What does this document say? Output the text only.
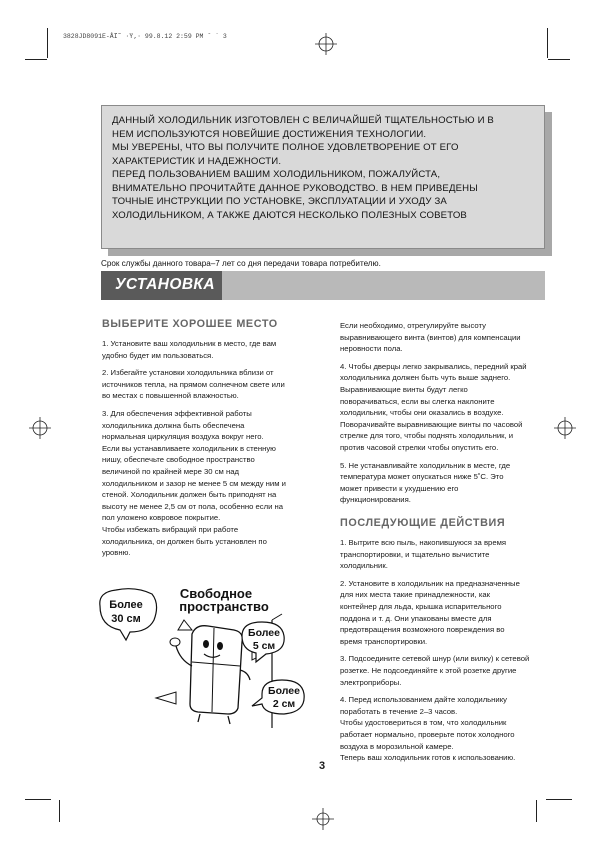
3828JD8091E-ÂÏ˜ ·Ÿ‚· 99.8.12 2:59 PM ˘ ` 3
ДАННЫЙ ХОЛОДИЛЬНИК ИЗГОТОВЛЕН С ВЕЛИЧАЙШЕЙ ТЩАТЕЛЬНОСТЬЮ И В
НЕМ ИСПОЛЬЗУЮТСЯ НОВЕЙШИЕ ДОСТИЖЕНИЯ ТЕХНОЛОГИИ.
МЫ УВЕРЕНЫ, ЧТО ВЫ ПОЛУЧИТЕ ПОЛНОЕ УДОВЛЕТВОРЕНИЕ ОТ ЕГО
ХАРАКТЕРИСТИК И НАДЕЖНОСТИ.
ПЕРЕД ПОЛЬЗОВАНИЕМ ВАШИМ ХОЛОДИЛЬНИКОМ, ПОЖАЛУЙСТА,
ВНИМАТЕЛЬНО ПРОЧИТАЙТЕ ДАННОЕ РУКОВОДСТВО. В НЕМ ПРИВЕДЕНЫ
ТОЧНЫЕ ИНСТРУКЦИИ ПО УСТАНОВКЕ, ЭКСПЛУАТАЦИИ И УХОДУ ЗА
ХОЛОДИЛЬНИКОМ, А ТАКЖЕ ДАЮТСЯ НЕСКОЛЬКО ПОЛЕЗНЫХ СОВЕТОВ
Срок службы данного товара–7 лет со дня передачи товара потребителю.
УСТАНОВКА
ВЫБЕРИТЕ ХОРОШЕЕ МЕСТО
1. Установите ваш холодильник в место, где вам
удобно будет им пользоваться.
2. Избегайте установки холодильника вблизи от
источников тепла, на прямом солнечном свете или
во местах с повышенной влажностью.
3. Для обеспечения эффективной работы
холодильника должна быть обеспечена
нормальная циркуляция воздуха вокруг него.
Если вы устанавливаете холодильник в стенную
нишу, обеспечьте свободное пространство
величиной по крайней мере 30 см над
холодильником и зазор не менее 5 см между ним и
стеной. Холодильник должен быть приподнят на
высоту не менее 2,5 см от пола, особенно если на
пол уложено ковровое покрытие.
Чтобы избежать вибраций при работе
холодильника, он должен быть установлен по
уровню.
Более
30 см
Свободное
пространство
Более
5 см
Более
2 см
Если необходимо, отрегулируйте высоту
выравнивающего винта (винтов) для компенсации
неровности пола.
4. Чтобы дверцы легко закрывались, передний край
холодильника должен быть чуть выше заднего.
Выравнивающие винты будут легко
поворачиваться, если вы слегка наклоните
холодильник, чтобы они оказались в воздухе.
Поворачивайте выравнивающие винты по часовой
стрелке для того, чтобы поднять холодильник, и
против часовой стрелки чтобы опустить его.
5. Не устанавливайте холодильник в месте, где
температура может опускаться ниже 5˚C. Это
может привести к ухудшению его
функционирования.
ПОСЛЕДУЮЩИЕ ДЕЙСТВИЯ
1. Вытрите всю пыль, накопившуюся за время
транспортировки, и тщательно вычистите
холодильник.
2. Установите в холодильник на предназначенные
для них места такие принадлежности, как
контейнер для льда, крышка испарительного
поддона и т. д. Они упакованы вместе для
предотвращения возможного повреждения во
время транспортировки.
3. Подсоедините сетевой шнур (или вилку) к сетевой
розетке. Не подсоединяйте к этой розетке другие
электроприборы.
4. Перед использованием дайте холодильнику
поработать в течение 2–3 часов.
Чтобы удостовериться в том, что холодильник
работает нормально, проверьте поток холодного
воздуха в морозильной камере.
Теперь ваш холодильник готов к использованию.
3
